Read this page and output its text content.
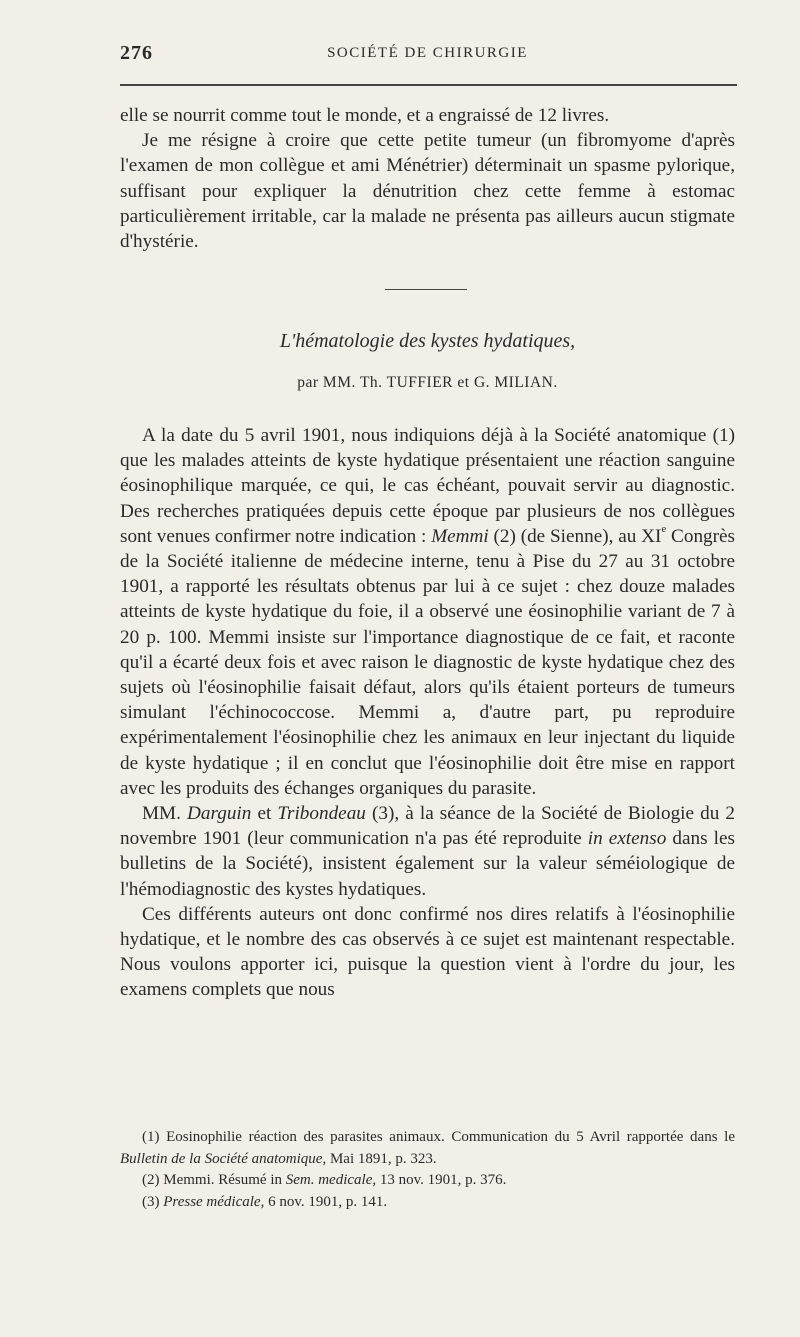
276	SOCIÉTÉ DE CHIRURGIE

elle se nourrit comme tout le monde, et a engraissé de 12 livres.

Je me résigne à croire que cette petite tumeur (un fibromyome d'après l'examen de mon collègue et ami Ménétrier) déterminait un spasme pylorique, suffisant pour expliquer la dénutrition chez cette femme à estomac particulièrement irritable, car la malade ne présenta pas ailleurs aucun stigmate d'hystérie.

L'hématologie des kystes hydatiques,
par MM. Th. TUFFIER et G. MILIAN.

A la date du 5 avril 1901, nous indiquions déjà à la Société anatomique (1) que les malades atteints de kyste hydatique présentaient une réaction sanguine éosinophilique marquée, ce qui, le cas échéant, pouvait servir au diagnostic. Des recherches pratiquées depuis cette époque par plusieurs de nos collègues sont venues confirmer notre indication : Memmi (2) (de Sienne), au XIe Congrès de la Société italienne de médecine interne, tenu à Pise du 27 au 31 octobre 1901, a rapporté les résultats obtenus par lui à ce sujet : chez douze malades atteints de kyste hydatique du foie, il a observé une éosinophilie variant de 7 à 20 p. 100. Memmi insiste sur l'importance diagnostique de ce fait, et raconte qu'il a écarté deux fois et avec raison le diagnostic de kyste hydatique chez des sujets où l'éosinophilie faisait défaut, alors qu'ils étaient porteurs de tumeurs simulant l'échinococcose. Memmi a, d'autre part, pu reproduire expérimentalement l'éosinophilie chez les animaux en leur injectant du liquide de kyste hydatique ; il en conclut que l'éosinophilie doit être mise en rapport avec les produits des échanges organiques du parasite.

MM. Darguin et Tribondeau (3), à la séance de la Société de Biologie du 2 novembre 1901 (leur communication n'a pas été reproduite in extenso dans les bulletins de la Société), insistent également sur la valeur séméiologique de l'hémodiagnostic des kystes hydatiques.

Ces différents auteurs ont donc confirmé nos dires relatifs à l'éosinophilie hydatique, et le nombre des cas observés à ce sujet est maintenant respectable. Nous voulons apporter ici, puisque la question vient à l'ordre du jour, les examens complets que nous

(1) Eosinophilie réaction des parasites animaux. Communication du 5 Avril rapportée dans le Bulletin de la Société anatomique, Mai 1891, p. 323.

(2) Memmi. Résumé in Sem. medicale, 13 nov. 1901, p. 376.

(3) Presse médicale, 6 nov. 1901, p. 141.
